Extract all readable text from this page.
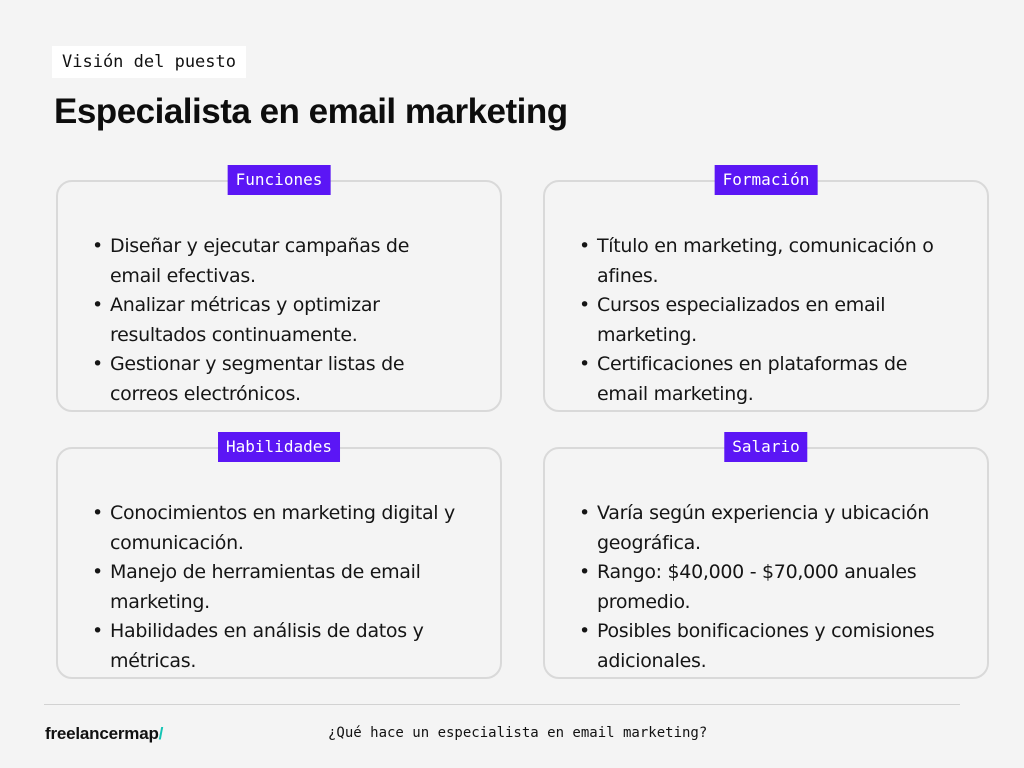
Visión del puesto
Especialista en email marketing
Funciones
• Diseñar y ejecutar campañas de email efectivas.
• Analizar métricas y optimizar resultados continuamente.
• Gestionar y segmentar listas de correos electrónicos.
Formación
• Título en marketing, comunicación o afines.
• Cursos especializados en email marketing.
• Certificaciones en plataformas de email marketing.
Habilidades
• Conocimientos en marketing digital y comunicación.
• Manejo de herramientas de email marketing.
• Habilidades en análisis de datos y métricas.
Salario
• Varía según experiencia y ubicación geográfica.
• Rango: $40,000 - $70,000 anuales promedio.
• Posibles bonificaciones y comisiones adicionales.
freelancermap/	¿Qué hace un especialista en email marketing?
